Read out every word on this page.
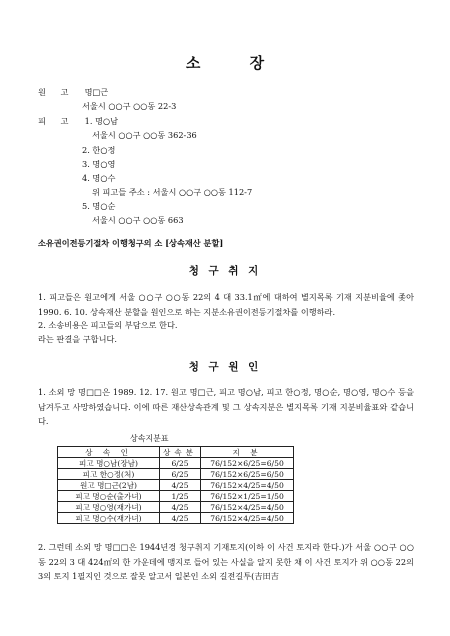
소 장
원 고 명□근
서울시 ○○구 ○○동 22-3
피 고 1. 명○남
서울시 ○○구 ○○동 362-36
2. 한○정
3. 명○영
4. 명○수
위 피고들 주소 : 서울시 ○○구 ○○동 112-7
5. 명○순
서울시 ○○구 ○○동 663
소유권이전등기절차 이행청구의 소 [상속재산 분할]
청 구 취 지
1. 피고들은 원고에게 서울 ○○구 ○○동 22의 4 대 33.1㎡에 대하여 별지목록 기재 지분비율에 좇아 1990. 6. 10. 상속재산 분할을 원인으로 하는 지분소유권이전등기절차를 이행하라.
2. 소송비용은 피고들의 부담으로 한다.
라는 판결을 구합니다.
청 구 원 인
1. 소외 망 명□□은 1989. 12. 17. 원고 명□근, 피고 명○남, 피고 한○정, 명○순, 명○영, 명○수 등을 남겨두고 사망하였습니다. 이에 따른 재산상속관계 및 그 상속지분은 별지목록 기재 지분비율표와 같습니다.
상속지분표
상 속 인	상속분	지 분
피고 명○남(장남)	6/25	76/152×6/25=6/50
피고 한○정(처)	6/25	76/152×6/25=6/50
원고 명□근(2남)	4/25	76/152×4/25=4/50
피고 명○순(출가녀)	1/25	76/152×1/25=1/50
피고 명○영(재가녀)	4/25	76/152×4/25=4/50
피고 명○수(재가녀)	4/25	76/152×4/25=4/50
2. 그런데 소외 망 명□□은 1944년경 청구취지 기재토지(이하 이 사건 토지라 한다.)가 서울 ○○구 ○○동 22의 3 대 424㎡의 한 가운데에 맹지로 들어 있는 사실을 알지 못한 채 이 사건 토지가 위 ○○동 22의 3의 토지 1필지인 것으로 잘못 알고서 일본인 소외 길전길투(吉田吉
